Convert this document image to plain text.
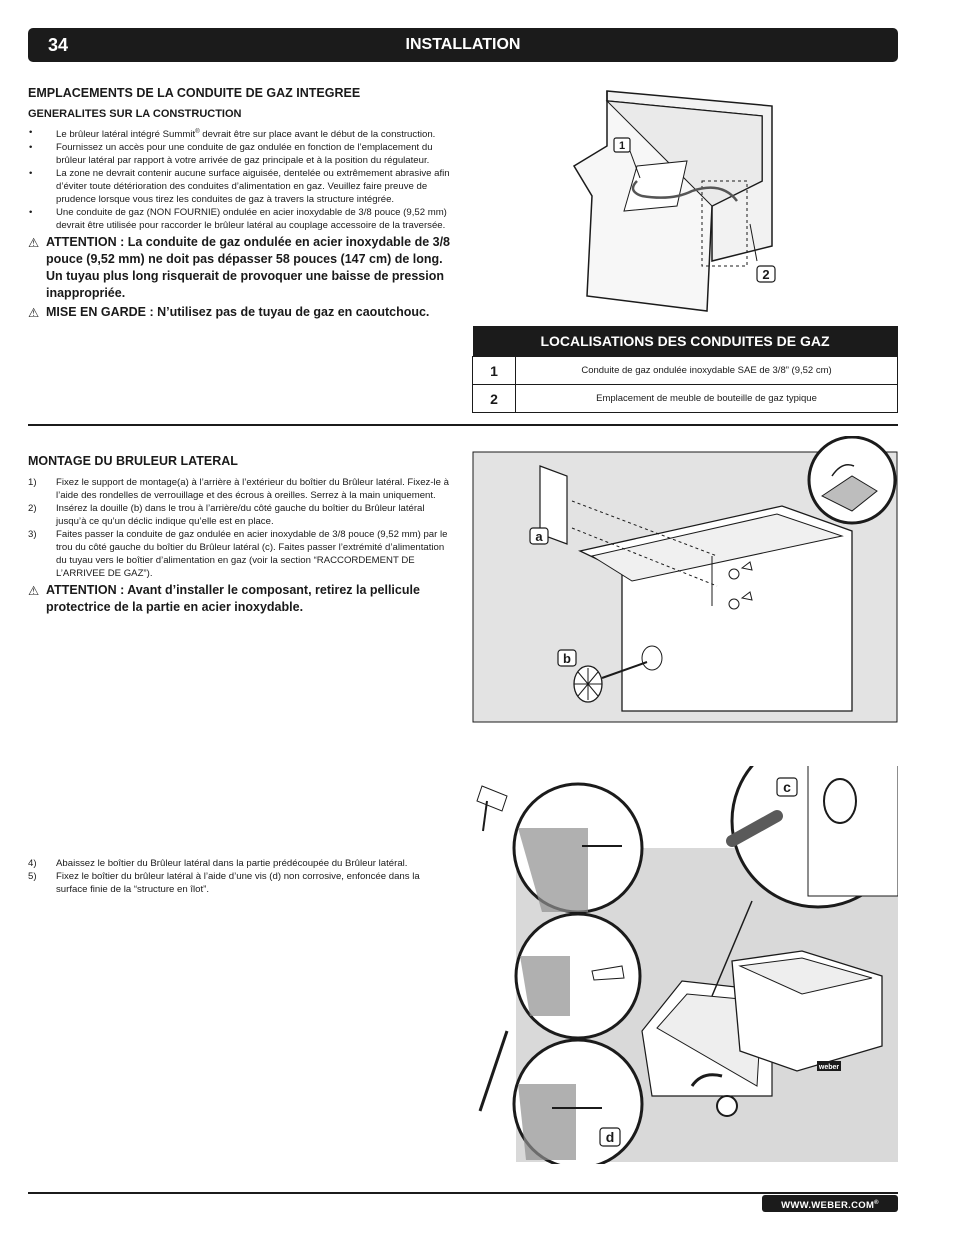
34	INSTALLATION
EMPLACEMENTS DE LA CONDUITE DE GAZ INTEGREE
GENERALITES SUR LA CONSTRUCTION
• Le brûleur latéral intégré Summit® devrait être sur place avant le début de la construction.
• Fournissez un accès pour une conduite de gaz ondulée en fonction de l’emplacement du brûleur latéral par rapport à votre arrivée de gaz principale et à la position du régulateur.
• La zone ne devrait contenir aucune surface aiguisée, dentelée ou extrêmement abrasive afin d’éviter toute détérioration des conduites d’alimentation en gaz. Veuillez faire preuve de prudence lorsque vous tirez les conduites de gaz à travers la structure intégrée.
• Une conduite de gaz (NON FOURNIE) ondulée en acier inoxydable de 3/8 pouce (9,52 mm) devrait être utilisée pour raccorder le brûleur latéral au couplage accessoire de la traversée.
⚠ ATTENTION : La conduite de gaz ondulée en acier inoxydable de 3/8 pouce (9,52 mm) ne doit pas dépasser 58 pouces (147 cm) de long. Un tuyau plus long risquerait de provoquer une baisse de pression inappropriée.
⚠ MISE EN GARDE : N’utilisez pas de tuyau de gaz en caoutchouc.
1
2
LOCALISATIONS DES CONDUITES DE GAZ	
1	Conduite de gaz ondulée inoxydable SAE de 3/8” (9,52 cm)
2	Emplacement de meuble de bouteille de gaz typique
MONTAGE DU BRULEUR LATERAL
1) Fixez le support de montage(a) à l’arrière à l’extérieur du boîtier du Brûleur latéral. Fixez-le à l’aide des rondelles de verrouillage et des écrous à oreilles. Serrez à la main uniquement.
2) Insérez la douille (b) dans le trou à l’arrière/du côté gauche du boîtier du Brûleur latéral jusqu’à ce qu’un déclic indique qu’elle est en place.
3) Faites passer la conduite de gaz ondulée en acier inoxydable de 3/8 pouce (9,52 mm) par le trou du côté gauche du boîtier du Brûleur latéral (c). Faites passer l’extrémité d’alimentation du tuyau vers le boîtier d’alimentation en gaz (voir la section “RACCORDEMENT DE L’ARRIVEE DE GAZ”).
⚠ ATTENTION : Avant d’installer le composant, retirez la pellicule protectrice de la partie en acier inoxydable.
4) Abaissez le boîtier du Brûleur latéral dans la partie prédécoupée du Brûleur latéral.
5) Fixez le boîtier du brûleur latéral à l’aide d’une vis (d) non corrosive, enfoncée dans la surface finie de la “structure en îlot”.
a
b
weber
c
d
WWW.WEBER.COM®
